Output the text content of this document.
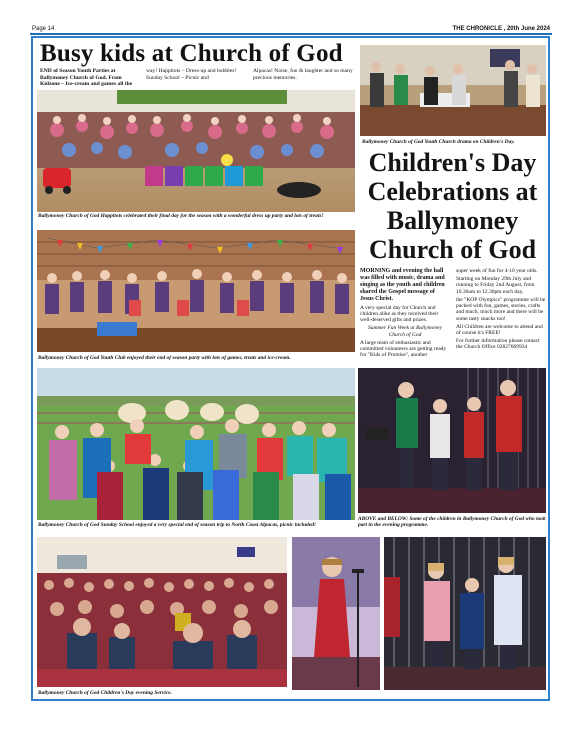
Page 14	THE CHRONICLE , 20th June 2024
Busy kids at Church of God
END of Season Youth Parties at Ballymoney Church of God. From Kidzone – Ice-cream and games all the
way! Happitots – Dress-up and bubbles! Sunday School – Picnic and
Alpacas! Noise, fun & laughter and so many precious memories.
Ballymoney Church of God Happitots celebrated their final day for the season with a wonderful dress up party and lots of treats!
Ballymoney Church of God Youth Club enjoyed their end of season party with lots of games, treats and ice-cream.
Ballymoney Church of God Sunday School enjoyed a very special end of season trip to North Coast Alpacas, picnic included!
Ballymoney Church of God Children's Day evening Service.
Ballymoney Church of God Youth Church drama on Children's Day.
Children's Day Celebrations at Ballymoney Church of God
MORNING and evening the hall was filled with music, drama and singing as the youth and children shared the Gospel message of Jesus Christ.
A very special day for Church and children alike as they received their well-deserved gifts and prizes.
Summer Fun Week at Ballymoney Church of God
A large team of enthusiastic and committed volunteers are getting ready for "Kids of Promise", another
super week of fun for 4-10 year olds.
Starting on Monday 29th July and running to Friday 2nd August, from 10.30am to 12.30pm each day,
the "KOP Olympics" programme will be packed with fun, games, stories, crafts and much, much more and there will be some tasty snacks too!
All Children are welcome to attend and of course it's FREE!
For further information please contact the Church Office 02827669934
ABOVE and BELOW: Some of the children in Ballymoney Church of God who took part in the evening programme.
